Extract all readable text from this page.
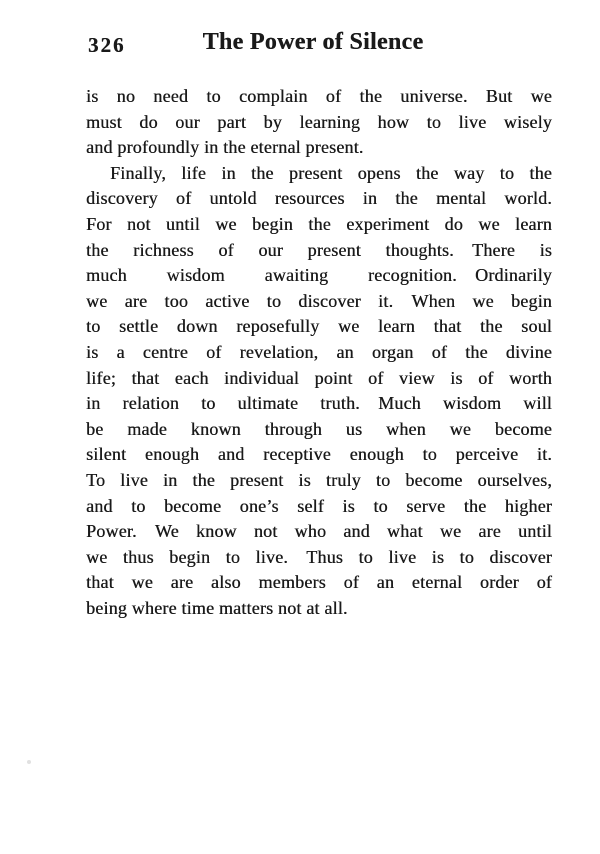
326	The Power of Silence
is no need to complain of the universe. But we
must do our part by learning how to live wisely
and profoundly in the eternal present.
Finally, life in the present opens the way to the
discovery of untold resources in the mental world.
For not until we begin the experiment do we learn
the richness of our present thoughts. There is
much wisdom awaiting recognition. Ordinarily
we are too active to discover it. When we begin
to settle down reposefully we learn that the soul
is a centre of revelation, an organ of the divine
life; that each individual point of view is of worth
in relation to ultimate truth. Much wisdom will
be made known through us when we become
silent enough and receptive enough to perceive it.
To live in the present is truly to become ourselves,
and to become one’s self is to serve the higher
Power. We know not who and what we are until
we thus begin to live. Thus to live is to discover
that we are also members of an eternal order of
being where time matters not at all.
